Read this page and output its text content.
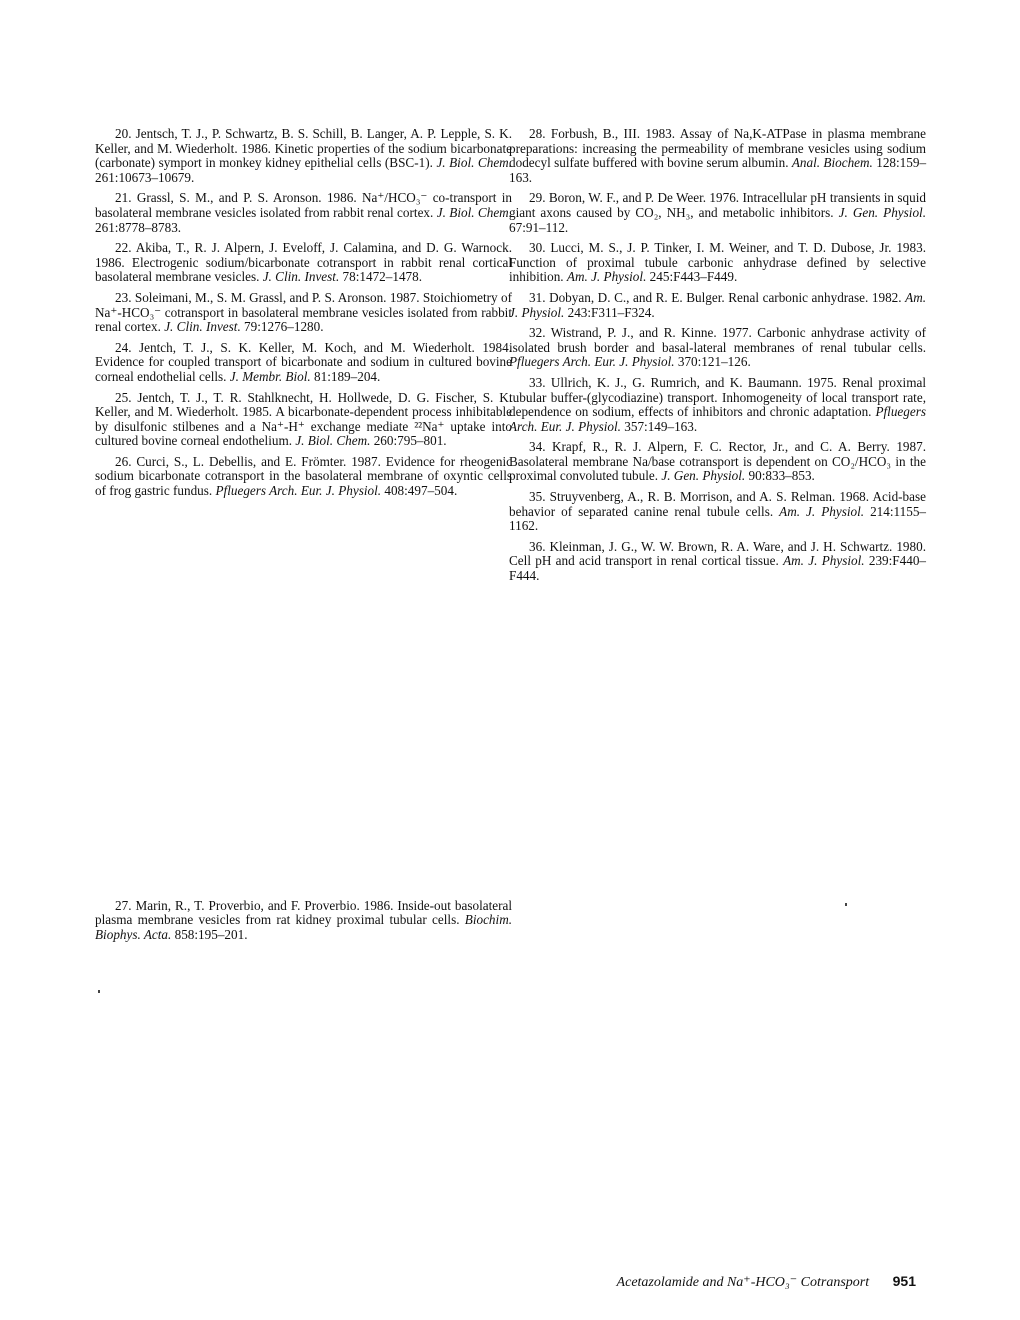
20. Jentsch, T. J., P. Schwartz, B. S. Schill, B. Langer, A. P. Lepple, S. K. Keller, and M. Wiederholt. 1986. Kinetic properties of the sodium bicarbonate (carbonate) symport in monkey kidney epithelial cells (BSC-1). J. Biol. Chem. 261:10673–10679.

21. Grassl, S. M., and P. S. Aronson. 1986. Na⁺/HCO₃⁻ co-transport in basolateral membrane vesicles isolated from rabbit renal cortex. J. Biol. Chem. 261:8778–8783.

22. Akiba, T., R. J. Alpern, J. Eveloff, J. Calamina, and D. G. Warnock. 1986. Electrogenic sodium/bicarbonate cotransport in rabbit renal cortical basolateral membrane vesicles. J. Clin. Invest. 78:1472–1478.

23. Soleimani, M., S. M. Grassl, and P. S. Aronson. 1987. Stoichiometry of Na⁺-HCO₃⁻ cotransport in basolateral membrane vesicles isolated from rabbit renal cortex. J. Clin. Invest. 79:1276–1280.

24. Jentch, T. J., S. K. Keller, M. Koch, and M. Wiederholt. 1984. Evidence for coupled transport of bicarbonate and sodium in cultured bovine corneal endothelial cells. J. Membr. Biol. 81:189–204.

25. Jentch, T. J., T. R. Stahlknecht, H. Hollwede, D. G. Fischer, S. K. Keller, and M. Wiederholt. 1985. A bicarbonate-dependent process inhibitable by disulfonic stilbenes and a Na⁺-H⁺ exchange mediate ²²Na⁺ uptake into cultured bovine corneal endothelium. J. Biol. Chem. 260:795–801.

26. Curci, S., L. Debellis, and E. Frömter. 1987. Evidence for rheogenic sodium bicarbonate cotransport in the basolateral membrane of oxyntic cells of frog gastric fundus. Pfluegers Arch. Eur. J. Physiol. 408:497–504.

27. Marin, R., T. Proverbio, and F. Proverbio. 1986. Inside-out basolateral plasma membrane vesicles from rat kidney proximal tubular cells. Biochim. Biophys. Acta. 858:195–201.

28. Forbush, B., III. 1983. Assay of Na,K-ATPase in plasma membrane preparations: increasing the permeability of membrane vesicles using sodium dodecyl sulfate buffered with bovine serum albumin. Anal. Biochem. 128:159–163.

29. Boron, W. F., and P. De Weer. 1976. Intracellular pH transients in squid giant axons caused by CO₂, NH₃, and metabolic inhibitors. J. Gen. Physiol. 67:91–112.

30. Lucci, M. S., J. P. Tinker, I. M. Weiner, and T. D. Dubose, Jr. 1983. Function of proximal tubule carbonic anhydrase defined by selective inhibition. Am. J. Physiol. 245:F443–F449.

31. Dobyan, D. C., and R. E. Bulger. Renal carbonic anhydrase. 1982. Am. J. Physiol. 243:F311–F324.

32. Wistrand, P. J., and R. Kinne. 1977. Carbonic anhydrase activity of isolated brush border and basal-lateral membranes of renal tubular cells. Pfluegers Arch. Eur. J. Physiol. 370:121–126.

33. Ullrich, K. J., G. Rumrich, and K. Baumann. 1975. Renal proximal tubular buffer-(glycodiazine) transport. Inhomogeneity of local transport rate, dependence on sodium, effects of inhibitors and chronic adaptation. Pfluegers Arch. Eur. J. Physiol. 357:149–163.

34. Krapf, R., R. J. Alpern, F. C. Rector, Jr., and C. A. Berry. 1987. Basolateral membrane Na/base cotransport is dependent on CO₂/HCO₃ in the proximal convoluted tubule. J. Gen. Physiol. 90:833–853.

35. Struyvenberg, A., R. B. Morrison, and A. S. Relman. 1968. Acid-base behavior of separated canine renal tubule cells. Am. J. Physiol. 214:1155–1162.

36. Kleinman, J. G., W. W. Brown, R. A. Ware, and J. H. Schwartz. 1980. Cell pH and acid transport in renal cortical tissue. Am. J. Physiol. 239:F440–F444.

Acetazolamide and Na⁺-HCO₃⁻ Cotransport 951
